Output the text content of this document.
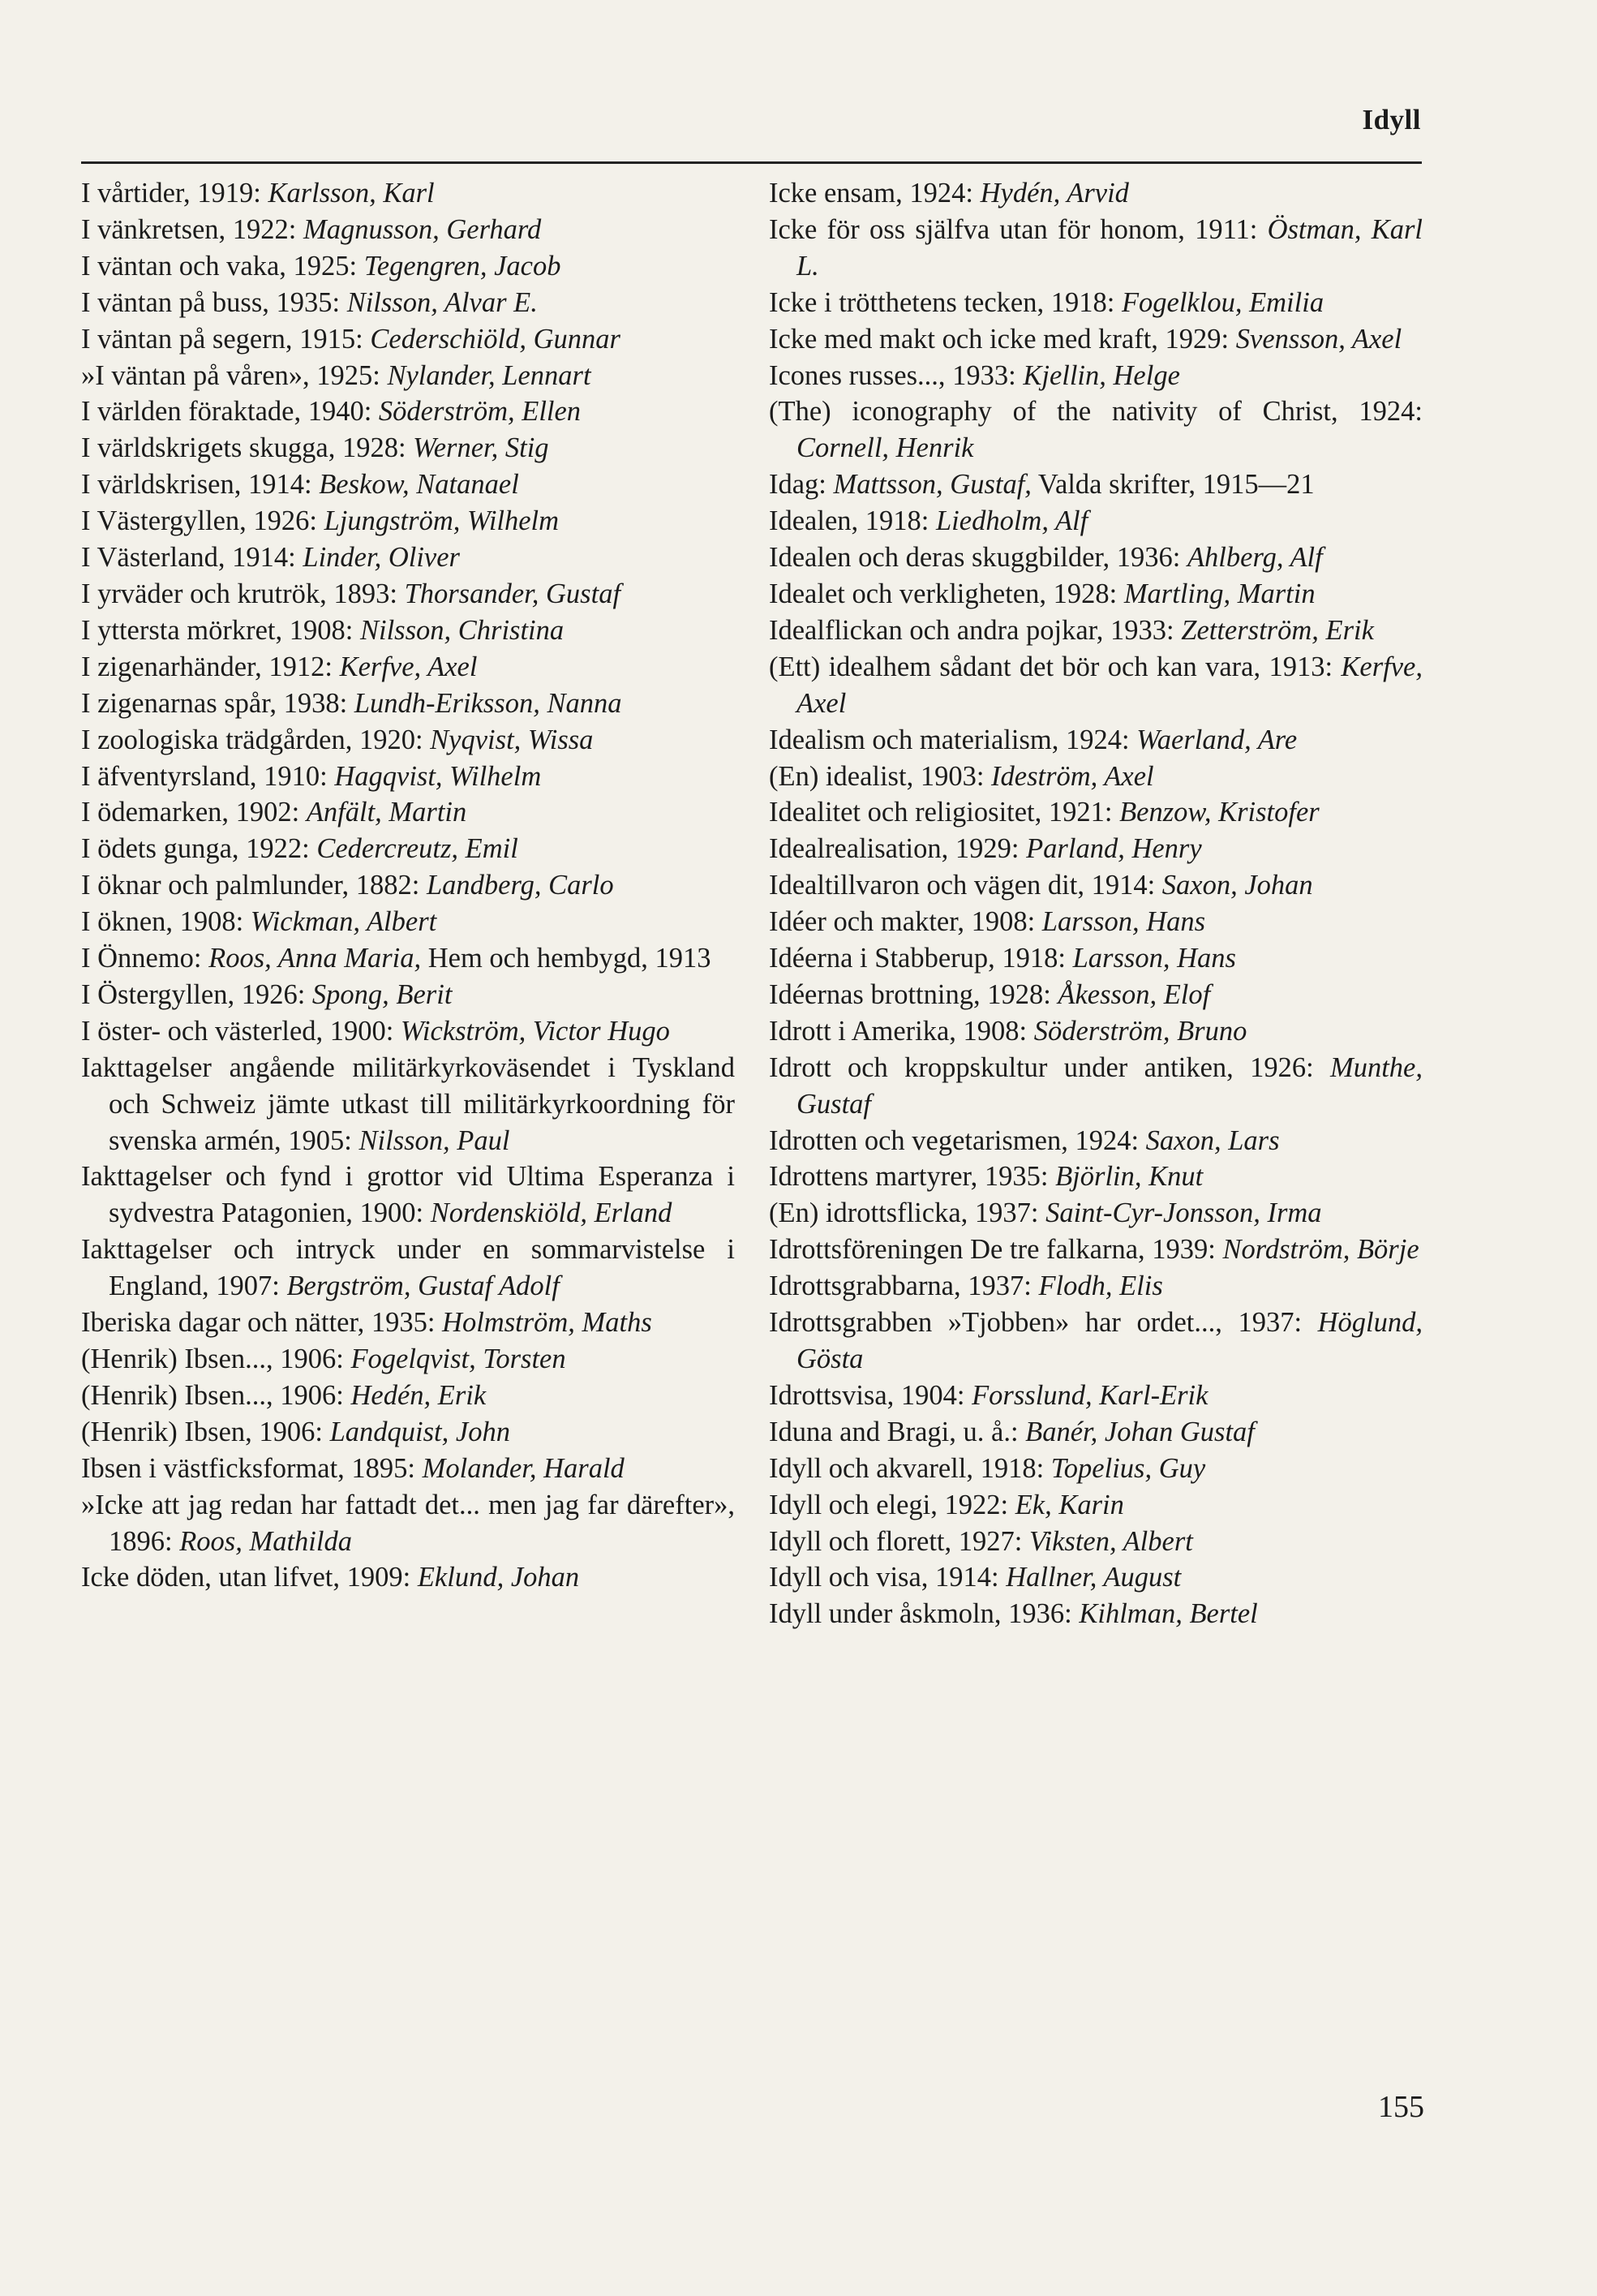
Idyll
I vårtider, 1919: Karlsson, Karl
I vänkretsen, 1922: Magnusson, Gerhard
I väntan och vaka, 1925: Tegengren, Jacob
I väntan på buss, 1935: Nilsson, Alvar E.
I väntan på segern, 1915: Cederschiöld, Gunnar
»I väntan på våren», 1925: Nylander, Lennart
I världen föraktade, 1940: Söderström, Ellen
I världskrigets skugga, 1928: Werner, Stig
I världskrisen, 1914: Beskow, Natanael
I Västergyllen, 1926: Ljungström, Wilhelm
I Västerland, 1914: Linder, Oliver
I yrväder och krutrök, 1893: Thorsander, Gustaf
I yttersta mörkret, 1908: Nilsson, Christina
I zigenarhänder, 1912: Kerfve, Axel
I zigenarnas spår, 1938: Lundh-Eriksson, Nanna
I zoologiska trädgården, 1920: Nyqvist, Wissa
I äfventyrsland, 1910: Hagqvist, Wilhelm
I ödemarken, 1902: Anfält, Martin
I ödets gunga, 1922: Cedercreutz, Emil
I öknar och palmlunder, 1882: Landberg, Carlo
I öknen, 1908: Wickman, Albert
I Önnemo: Roos, Anna Maria, Hem och hembygd, 1913
I Östergyllen, 1926: Spong, Berit
I öster- och västerled, 1900: Wickström, Victor Hugo
Iakttagelser angående militärkyrkoväsendet i Tyskland och Schweiz jämte utkast till militärkyrkoordning för svenska armén, 1905: Nilsson, Paul
Iakttagelser och fynd i grottor vid Ultima Esperanza i sydvestra Patagonien, 1900: Nordenskiöld, Erland
Iakttagelser och intryck under en sommarvistelse i England, 1907: Bergström, Gustaf Adolf
Iberiska dagar och nätter, 1935: Holmström, Maths
(Henrik) Ibsen..., 1906: Fogelqvist, Torsten
(Henrik) Ibsen..., 1906: Hedén, Erik
(Henrik) Ibsen, 1906: Landquist, John
Ibsen i västficksformat, 1895: Molander, Harald
»Icke att jag redan har fattadt det... men jag far därefter», 1896: Roos, Mathilda
Icke döden, utan lifvet, 1909: Eklund, Johan
Icke ensam, 1924: Hydén, Arvid
Icke för oss själfva utan för honom, 1911: Östman, Karl L.
Icke i trötthetens tecken, 1918: Fogelklou, Emilia
Icke med makt och icke med kraft, 1929: Svensson, Axel
Icones russes..., 1933: Kjellin, Helge
(The) iconography of the nativity of Christ, 1924: Cornell, Henrik
Idag: Mattsson, Gustaf, Valda skrifter, 1915—21
Idealen, 1918: Liedholm, Alf
Idealen och deras skuggbilder, 1936: Ahlberg, Alf
Idealet och verkligheten, 1928: Martling, Martin
Idealflickan och andra pojkar, 1933: Zetterström, Erik
(Ett) idealhem sådant det bör och kan vara, 1913: Kerfve, Axel
Idealism och materialism, 1924: Waerland, Are
(En) idealist, 1903: Ideström, Axel
Idealitet och religiositet, 1921: Benzow, Kristofer
Idealrealisation, 1929: Parland, Henry
Idealtillvaron och vägen dit, 1914: Saxon, Johan
Idéer och makter, 1908: Larsson, Hans
Idéerna i Stabberup, 1918: Larsson, Hans
Idéernas brottning, 1928: Åkesson, Elof
Idrott i Amerika, 1908: Söderström, Bruno
Idrott och kroppskultur under antiken, 1926: Munthe, Gustaf
Idrotten och vegetarismen, 1924: Saxon, Lars
Idrottens martyrer, 1935: Björlin, Knut
(En) idrottsflicka, 1937: Saint-Cyr-Jonsson, Irma
Idrottsföreningen De tre falkarna, 1939: Nordström, Börje
Idrottsgrabbarna, 1937: Flodh, Elis
Idrottsgrabben »Tjobben» har ordet..., 1937: Höglund, Gösta
Idrottsvisa, 1904: Forsslund, Karl-Erik
Iduna and Bragi, u. å.: Banér, Johan Gustaf
Idyll och akvarell, 1918: Topelius, Guy
Idyll och elegi, 1922: Ek, Karin
Idyll och florett, 1927: Viksten, Albert
Idyll och visa, 1914: Hallner, August
Idyll under åskmoln, 1936: Kihlman, Bertel
155
